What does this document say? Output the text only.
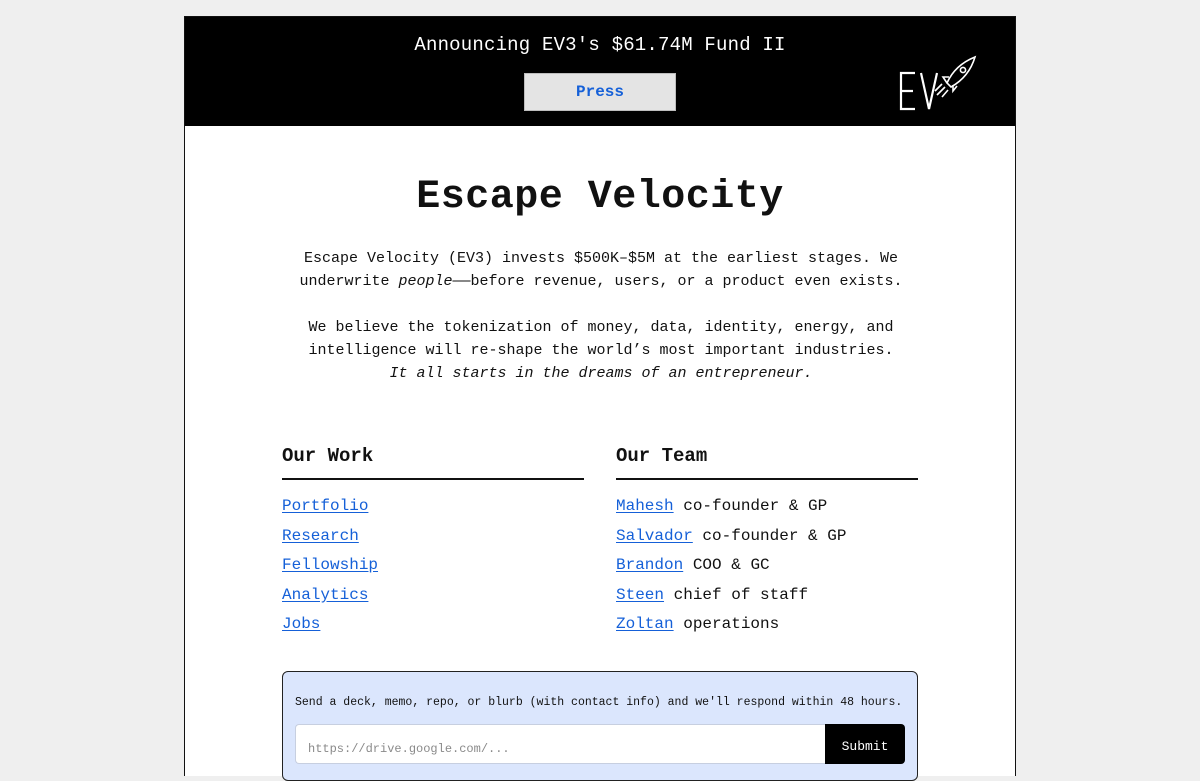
Announcing EV3's $61.74M Fund II
Press
Escape Velocity

Escape Velocity (EV3) invests $500K–$5M at the earliest stages. We underwrite people——before revenue, users, or a product even exists.

We believe the tokenization of money, data, identity, energy, and intelligence will re-shape the world’s most important industries.
It all starts in the dreams of an entrepreneur.

Our Work
Portfolio
Research
Fellowship
Analytics
Jobs
Our Team
Mahesh co-founder & GP
Salvador co-founder & GP
Brandon COO & GC
Steen chief of staff
Zoltan operations

Send a deck, memo, repo, or blurb (with contact info) and we'll respond within 48 hours.

https://drive.google.com/...
Submit
